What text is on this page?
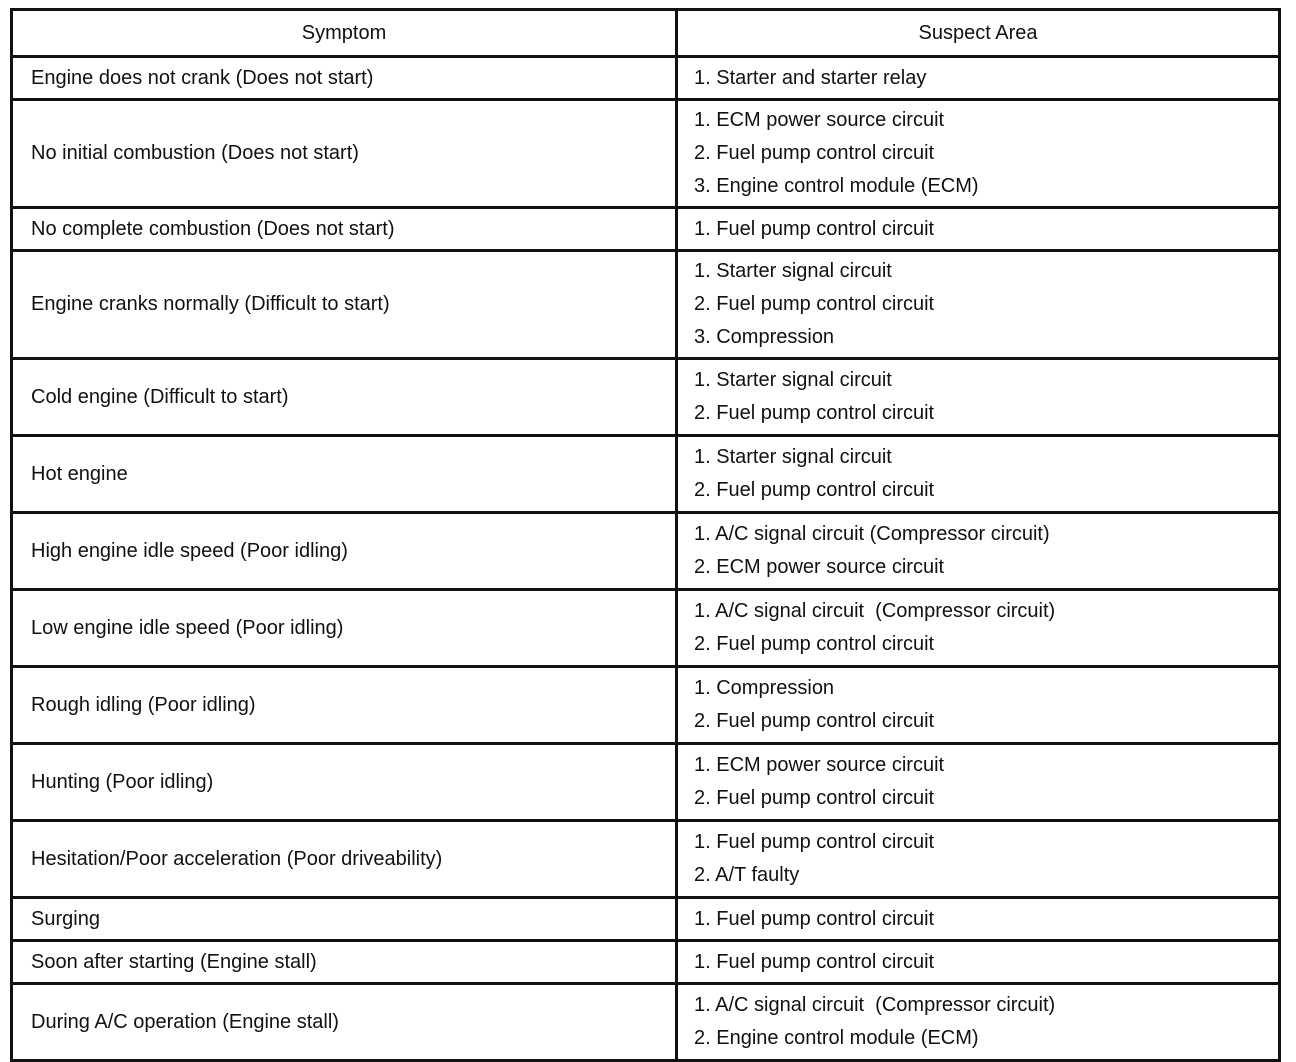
Symptom	Suspect Area
Engine does not crank (Does not start)	1. Starter and starter relay

No initial combustion (Does not start)	1. ECM power source circuit
2. Fuel pump control circuit
3. Engine control module (ECM)

No complete combustion (Does not start)	1. Fuel pump control circuit

Engine cranks normally (Difficult to start)	1. Starter signal circuit
2. Fuel pump control circuit
3. Compression

Cold engine (Difficult to start)	1. Starter signal circuit
2. Fuel pump control circuit

Hot engine	1. Starter signal circuit
2. Fuel pump control circuit

High engine idle speed (Poor idling)	1. A/C signal circuit (Compressor circuit)
2. ECM power source circuit

Low engine idle speed (Poor idling)	1. A/C signal circuit  (Compressor circuit)
2. Fuel pump control circuit

Rough idling (Poor idling)	1. Compression
2. Fuel pump control circuit

Hunting (Poor idling)	1. ECM power source circuit
2. Fuel pump control circuit

Hesitation/Poor acceleration (Poor driveability)	1. Fuel pump control circuit
2. A/T faulty

Surging	1. Fuel pump control circuit

Soon after starting (Engine stall)	1. Fuel pump control circuit

During A/C operation (Engine stall)	1. A/C signal circuit  (Compressor circuit)
2. Engine control module (ECM)
